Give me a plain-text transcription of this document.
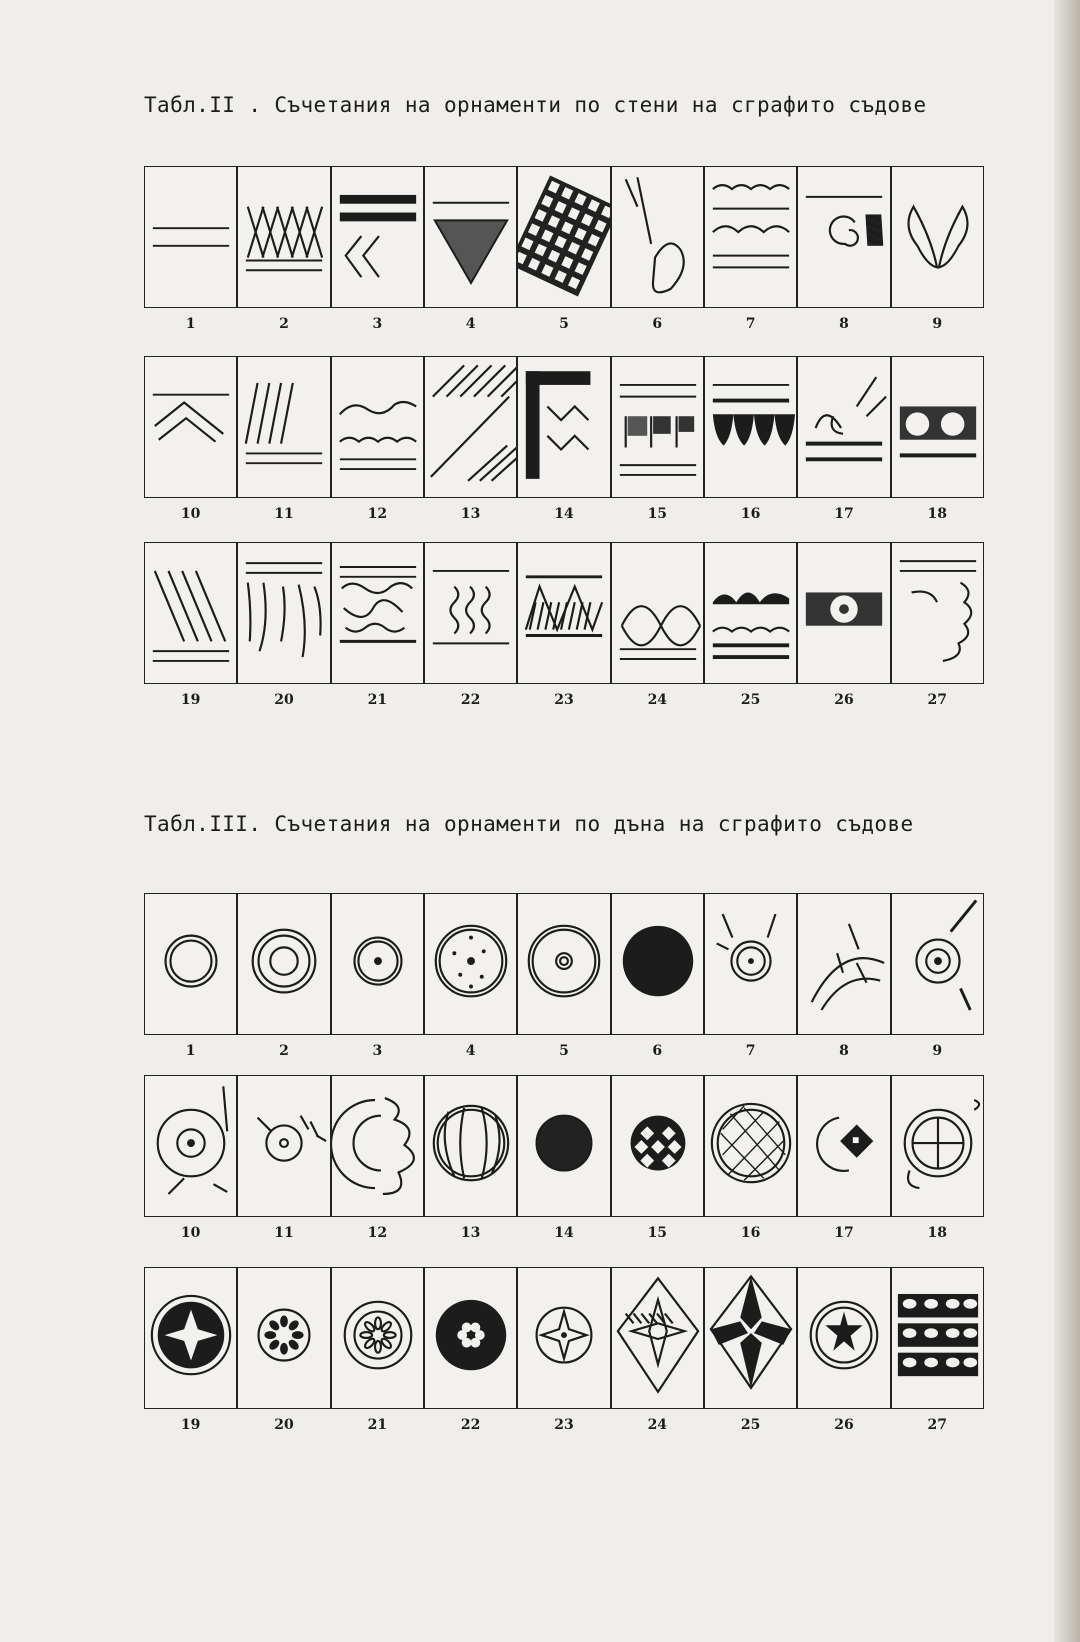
Табл.II . Съчетания на орнаменти по стени на сграфито съдове
1	2	3	4	5	6	7	8	9
10	11	12	13	14	15	16	17	18
19	20	21	22	23	24	25	26	27
Табл.III. Съчетания на орнаменти по дъна на сграфито съдове
1	2	3	4	5	6	7	8	9
10	11	12	13	14	15	16	17	18
19	20	21	22	23	24	25	26	27
